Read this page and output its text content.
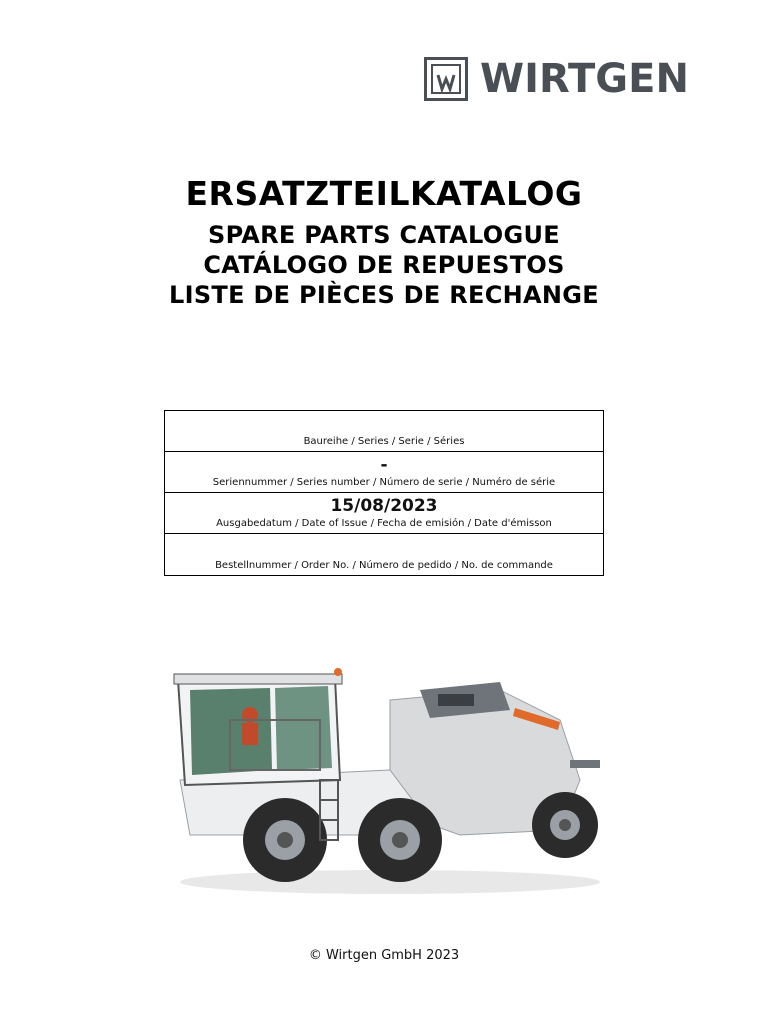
WIRTGEN
ERSATZTEILKATALOG
SPARE PARTS CATALOGUE
CATÁLOGO DE REPUESTOS
LISTE DE PIÈCES DE RECHANGE
Baureihe / Series / Serie / Séries
-
Seriennummer / Series number / Número de serie / Numéro de série
15/08/2023
Ausgabedatum / Date of Issue / Fecha de emisión / Date d'émisson
Bestellnummer / Order No. / Número de pedido / No. de commande
© Wirtgen GmbH 2023
